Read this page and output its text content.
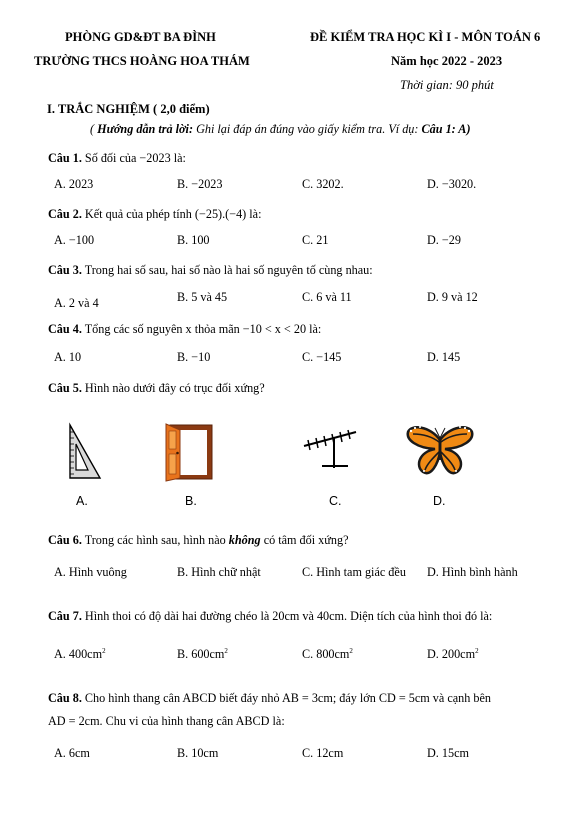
PHÒNG GD&ĐT BA ĐÌNH
TRƯỜNG THCS HOÀNG HOA THÁM
ĐỀ KIỂM TRA HỌC KÌ I - MÔN TOÁN 6
Năm học 2022 - 2023
Thời gian: 90 phút
I. TRẮC NGHIỆM ( 2,0 điểm)
( Hướng dẫn trả lời: Ghi lại đáp án đúng vào giấy kiểm tra. Ví dụ: Câu 1: A)
Câu 1. Số đối của −2023 là:
A. 2023	B. −2023	C. 3202.	D. −3020.
Câu 2. Kết quả của phép tính (−25).(−4) là:
A. −100	B. 100	C. 21	D. −29
Câu 3. Trong hai số sau, hai số nào là hai số nguyên tố cùng nhau:
A. 2 và 4	B. 5 và 45	C. 6 và 11	D. 9 và 12
Câu 4. Tổng các số nguyên x thỏa mãn −10 < x < 20 là:
A. 10	B. −10	C. −145	D. 145
Câu 5. Hình nào dưới đây có trục đối xứng?
A.	B.	C.	D.
Câu 6. Trong các hình sau, hình nào không có tâm đối xứng?
A. Hình vuông	B. Hình chữ nhật	C. Hình tam giác đều D. Hình bình hành
Câu 7. Hình thoi có độ dài hai đường chéo là 20cm và 40cm. Diện tích của hình thoi đó là:
A. $400cm^2$	B. $600cm^2$	C. $800cm^2$	D. $200cm^2$
Câu 8. Cho hình thang cân ABCD biết đáy nhỏ AB = 3cm; đáy lớn CD = 5cm và cạnh bên
AD = 2cm. Chu vi của hình thang cân ABCD là:
A. 6cm	B. 10cm	C. 12cm	D. 15cm
